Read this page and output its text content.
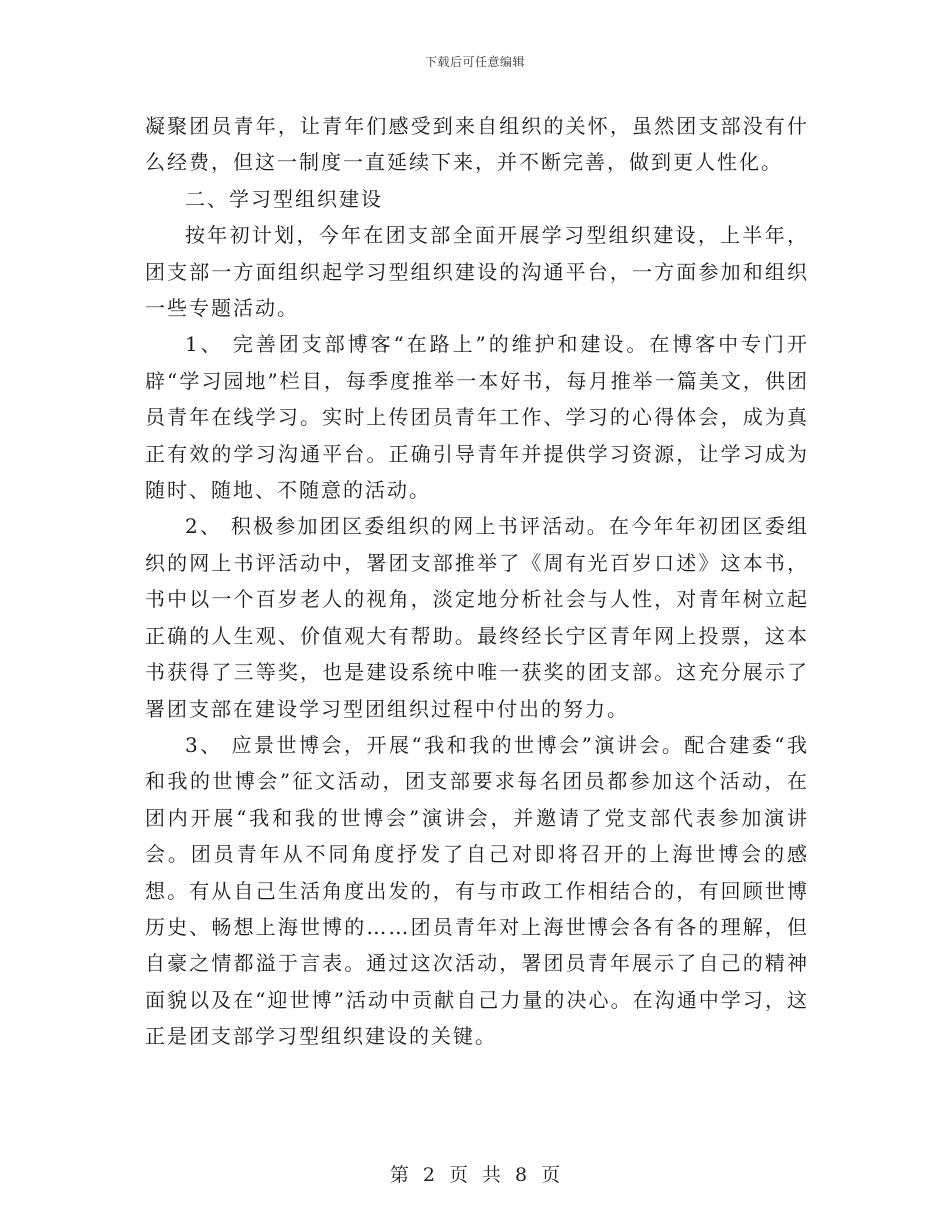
下载后可任意编辑

凝聚团员青年，让青年们感受到来自组织的关怀，虽然团支部没有什么经费，但这一制度一直延续下来，并不断完善，做到更人性化。

二、学习型组织建设

按年初计划，今年在团支部全面开展学习型组织建设，上半年，团支部一方面组织起学习型组织建设的沟通平台，一方面参加和组织一些专题活动。

1、 完善团支部博客“在路上”的维护和建设。在博客中专门开辟“学习园地”栏目，每季度推举一本好书，每月推举一篇美文，供团员青年在线学习。实时上传团员青年工作、学习的心得体会，成为真正有效的学习沟通平台。正确引导青年并提供学习资源，让学习成为随时、随地、不随意的活动。

2、 积极参加团区委组织的网上书评活动。在今年年初团区委组织的网上书评活动中，署团支部推举了《周有光百岁口述》这本书，书中以一个百岁老人的视角，淡定地分析社会与人性，对青年树立起正确的人生观、价值观大有帮助。最终经长宁区青年网上投票，这本书获得了三等奖，也是建设系统中唯一获奖的团支部。这充分展示了署团支部在建设学习型团组织过程中付出的努力。

3、 应景世博会，开展“我和我的世博会”演讲会。配合建委“我和我的世博会”征文活动，团支部要求每名团员都参加这个活动，在团内开展“我和我的世博会”演讲会，并邀请了党支部代表参加演讲会。团员青年从不同角度抒发了自己对即将召开的上海世博会的感想。有从自己生活角度出发的，有与市政工作相结合的，有回顾世博历史、畅想上海世博的……团员青年对上海世博会各有各的理解，但自豪之情都溢于言表。通过这次活动，署团员青年展示了自己的精神面貌以及在“迎世博”活动中贡献自己力量的决心。在沟通中学习，这正是团支部学习型组织建设的关键。

第 2 页 共 8 页
